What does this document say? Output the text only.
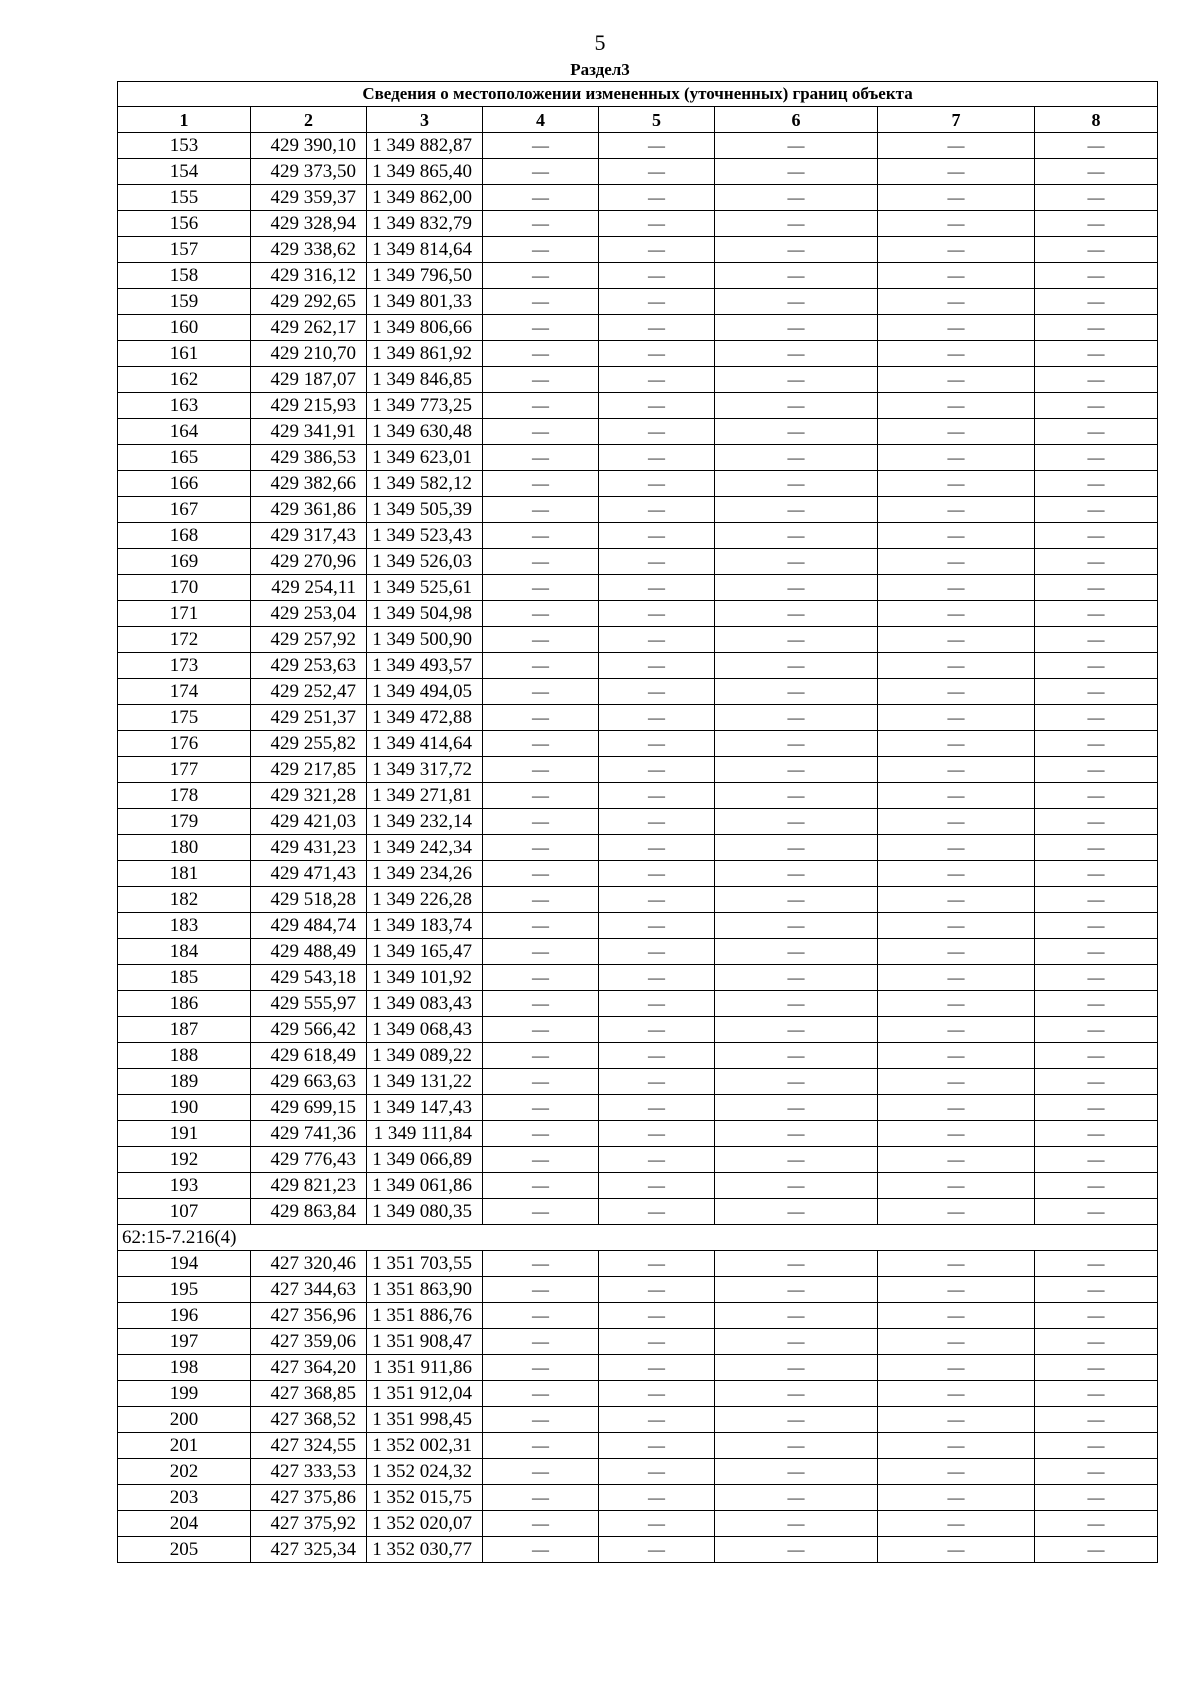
5
Раздел3
Сведения о местоположении измененных (уточненных) границ объекта							
1	2	3	4	5	6	7	8
153	429 390,10	1 349 882,87	—	—	—	—	—
154	429 373,50	1 349 865,40	—	—	—	—	—
155	429 359,37	1 349 862,00	—	—	—	—	—
156	429 328,94	1 349 832,79	—	—	—	—	—
157	429 338,62	1 349 814,64	—	—	—	—	—
158	429 316,12	1 349 796,50	—	—	—	—	—
159	429 292,65	1 349 801,33	—	—	—	—	—
160	429 262,17	1 349 806,66	—	—	—	—	—
161	429 210,70	1 349 861,92	—	—	—	—	—
162	429 187,07	1 349 846,85	—	—	—	—	—
163	429 215,93	1 349 773,25	—	—	—	—	—
164	429 341,91	1 349 630,48	—	—	—	—	—
165	429 386,53	1 349 623,01	—	—	—	—	—
166	429 382,66	1 349 582,12	—	—	—	—	—
167	429 361,86	1 349 505,39	—	—	—	—	—
168	429 317,43	1 349 523,43	—	—	—	—	—
169	429 270,96	1 349 526,03	—	—	—	—	—
170	429 254,11	1 349 525,61	—	—	—	—	—
171	429 253,04	1 349 504,98	—	—	—	—	—
172	429 257,92	1 349 500,90	—	—	—	—	—
173	429 253,63	1 349 493,57	—	—	—	—	—
174	429 252,47	1 349 494,05	—	—	—	—	—
175	429 251,37	1 349 472,88	—	—	—	—	—
176	429 255,82	1 349 414,64	—	—	—	—	—
177	429 217,85	1 349 317,72	—	—	—	—	—
178	429 321,28	1 349 271,81	—	—	—	—	—
179	429 421,03	1 349 232,14	—	—	—	—	—
180	429 431,23	1 349 242,34	—	—	—	—	—
181	429 471,43	1 349 234,26	—	—	—	—	—
182	429 518,28	1 349 226,28	—	—	—	—	—
183	429 484,74	1 349 183,74	—	—	—	—	—
184	429 488,49	1 349 165,47	—	—	—	—	—
185	429 543,18	1 349 101,92	—	—	—	—	—
186	429 555,97	1 349 083,43	—	—	—	—	—
187	429 566,42	1 349 068,43	—	—	—	—	—
188	429 618,49	1 349 089,22	—	—	—	—	—
189	429 663,63	1 349 131,22	—	—	—	—	—
190	429 699,15	1 349 147,43	—	—	—	—	—
191	429 741,36	1 349 111,84	—	—	—	—	—
192	429 776,43	1 349 066,89	—	—	—	—	—
193	429 821,23	1 349 061,86	—	—	—	—	—
107	429 863,84	1 349 080,35	—	—	—	—	—
62:15-7.216(4)							
194	427 320,46	1 351 703,55	—	—	—	—	—
195	427 344,63	1 351 863,90	—	—	—	—	—
196	427 356,96	1 351 886,76	—	—	—	—	—
197	427 359,06	1 351 908,47	—	—	—	—	—
198	427 364,20	1 351 911,86	—	—	—	—	—
199	427 368,85	1 351 912,04	—	—	—	—	—
200	427 368,52	1 351 998,45	—	—	—	—	—
201	427 324,55	1 352 002,31	—	—	—	—	—
202	427 333,53	1 352 024,32	—	—	—	—	—
203	427 375,86	1 352 015,75	—	—	—	—	—
204	427 375,92	1 352 020,07	—	—	—	—	—
205	427 325,34	1 352 030,77	—	—	—	—	—
